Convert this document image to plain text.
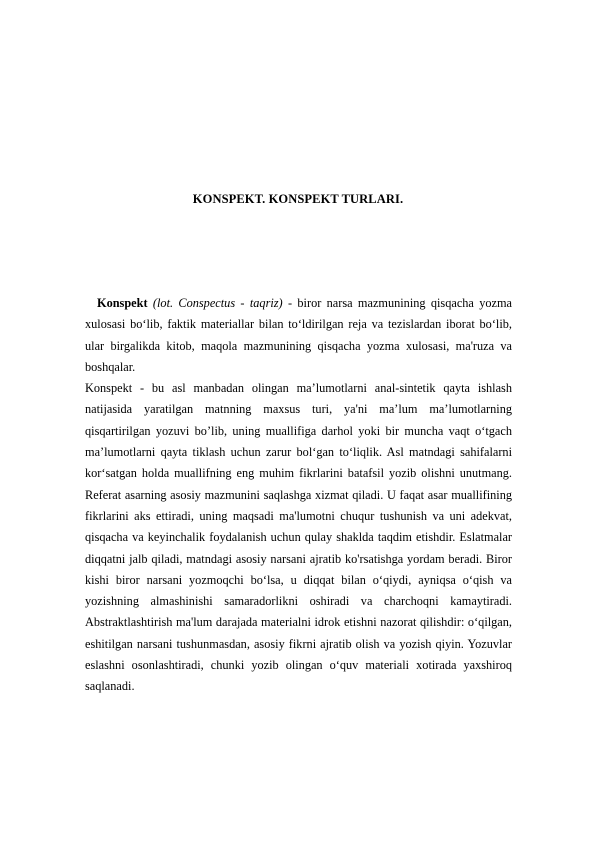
KONSPEKT. KONSPEKT TURLARI.

Konspekt (lot. Conspectus - taqriz) - biror narsa mazmunining qisqacha yozma xulosasi boʻlib, faktik materiallar bilan toʻldirilgan reja va tezislardan iborat boʻlib, ular birgalikda kitob, maqola mazmunining qisqacha yozma xulosasi, ma'ruza va boshqalar.

Konspekt - bu asl manbadan olingan ma’lumotlarni anal-sintetik qayta ishlash natijasida yaratilgan matnning maxsus turi, ya'ni ma’lum ma’lumotlarning qisqartirilgan yozuvi bo’lib, uning muallifiga darhol yoki bir muncha vaqt oʻtgach ma’lumotlarni qayta tiklash uchun zarur bolʻgan toʻliqlik. Asl matndagi sahifalarni korʻsatgan holda muallifning eng muhim fikrlarini batafsil yozib olishni unutmang. Referat asarning asosiy mazmunini saqlashga xizmat qiladi. U faqat asar muallifining fikrlarini aks ettiradi, uning maqsadi ma'lumotni chuqur tushunish va uni adekvat, qisqacha va keyinchalik foydalanish uchun qulay shaklda taqdim etishdir. Eslatmalar diqqatni jalb qiladi, matndagi asosiy narsani ajratib ko'rsatishga yordam beradi. Biror kishi biror narsani yozmoqchi boʻlsa, u diqqat bilan oʻqiydi, ayniqsa oʻqish va yozishning almashinishi samaradorlikni oshiradi va charchoqni kamaytiradi. Abstraktlashtirish ma'lum darajada materialni idrok etishni nazorat qilishdir: oʻqilgan, eshitilgan narsani tushunmasdan, asosiy fikrni ajratib olish va yozish qiyin. Yozuvlar eslashni osonlashtiradi, chunki yozib olingan oʻquv materiali xotirada yaxshiroq saqlanadi.
